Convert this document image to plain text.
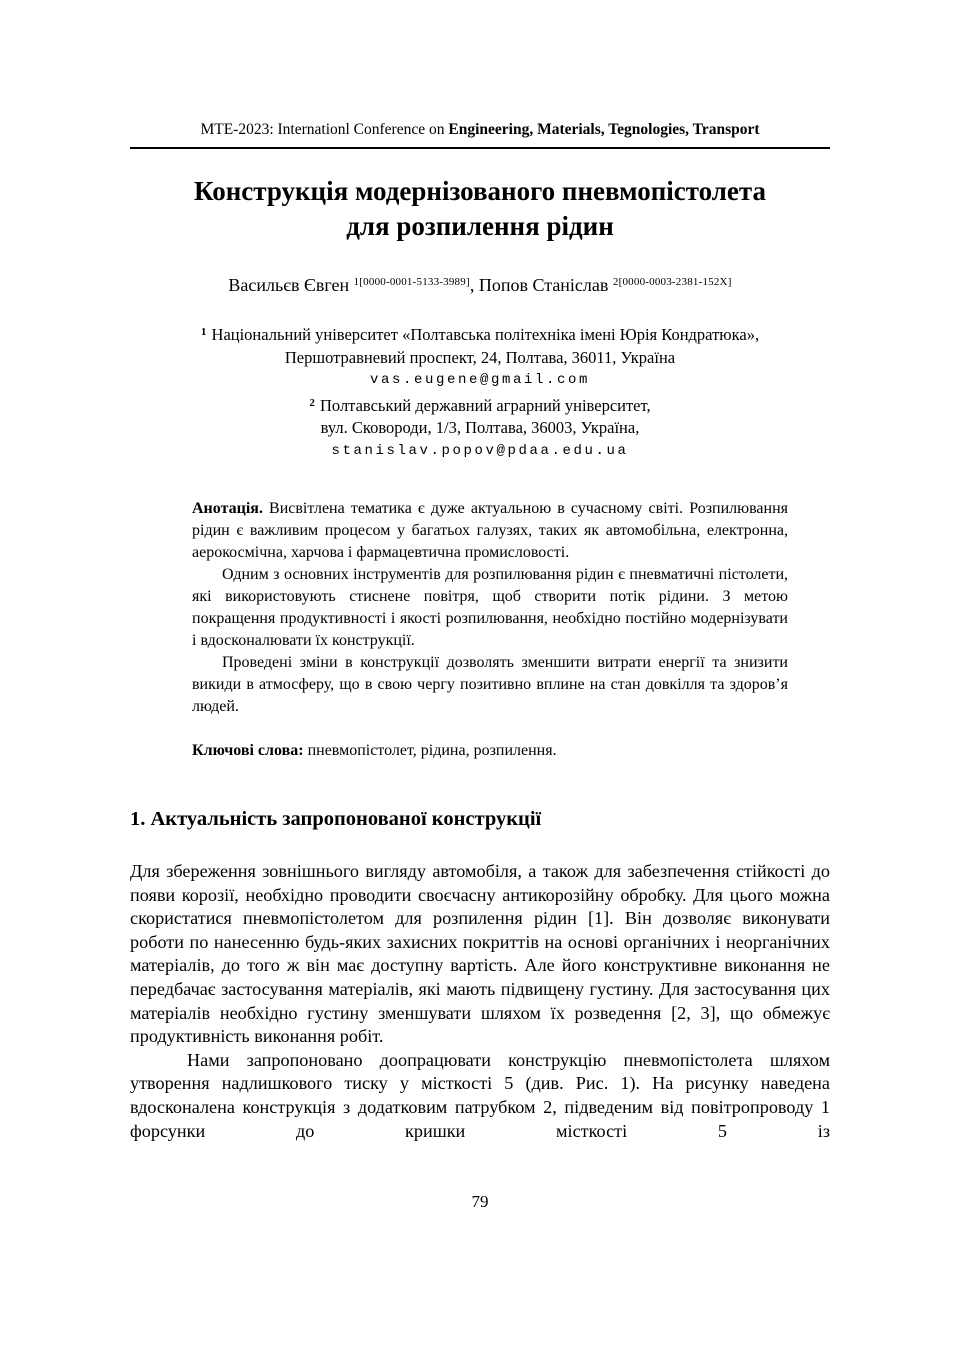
MTE-2023: Internationl Conference on Engineering, Materials, Tegnologies, Transport
Конструкція модернізованого пневмопістолета
для розпилення рідин
Васильєв Євген $^{1[0000-0001-5133-3989]}$, Попов Станіслав $^{2[0000-0003-2381-152X]}$
$^1$ Національний університет «Полтавська політехніка імені Юрія Кондратюка»,
Першотравневий проспект, 24, Полтава, 36011, Україна
vas.eugene@gmail.com
$^2$ Полтавський державний аграрний університет,
вул. Сковороди, 1/3, Полтава, 36003, Україна,
stanislav.popov@pdaa.edu.ua

Анотація. Висвітлена тематика є дуже актуальною в сучасному світі. Розпилювання рідин є важливим процесом у багатьох галузях, таких як автомобільна, електронна, аерокосмічна, харчова і фармацевтична промисловості.

Одним з основних інструментів для розпилювання рідин є пневматичні пістолети, які використовують стиснене повітря, щоб створити потік рідини. З метою покращення продуктивності і якості розпилювання, необхідно постійно модернізувати і вдосконалювати їх конструкції.

Проведені зміни в конструкції дозволять зменшити витрати енергії та знизити викиди в атмосферу, що в свою чергу позитивно вплине на стан довкілля та здоров’я людей.

Ключові слова: пневмопістолет, рідина, розпилення.

1. Актуальність запропонованої конструкції

Для збереження зовнішнього вигляду автомобіля, а також для забезпечення стійкості до появи корозії, необхідно проводити своєчасну антикорозійну обробку. Для цього можна скористатися пневмопістолетом для розпилення рідин [1]. Він дозволяє виконувати роботи по нанесенню будь-яких захисних покриттів на основі органічних і неорганічних матеріалів, до того ж він має доступну вартість. Але його конструктивне виконання не передбачає застосування матеріалів, які мають підвищену густину. Для застосування цих матеріалів необхідно густину зменшувати шляхом їх розведення [2, 3], що обмежує продуктивність виконання робіт.

Нами запропоновано доопрацювати конструкцію пневмопістолета шляхом утворення надлишкового тиску у місткості 5 (див. Рис. 1). На рисунку наведена вдосконалена конструкція з додатковим патрубком 2, підведеним від повітропроводу 1 форсунки до кришки місткості 5 із

79
